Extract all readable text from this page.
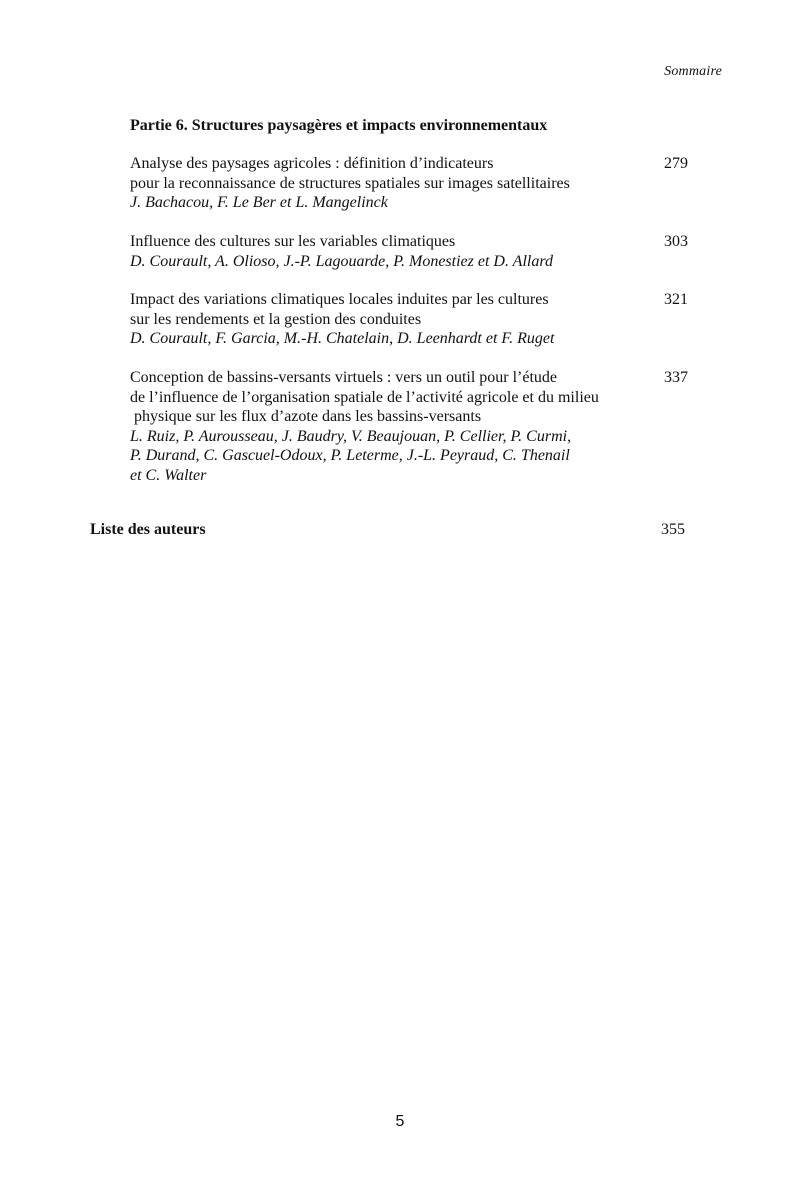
Sommaire
Partie 6. Structures paysagères et impacts environnementaux
Analyse des paysages agricoles : définition d’indicateurs
pour la reconnaissance de structures spatiales sur images satellitaires
J. Bachacou, F. Le Ber et L. Mangelinck
279
Influence des cultures sur les variables climatiques
D. Courault, A. Olioso, J.-P. Lagouarde, P. Monestiez et D. Allard
303
Impact des variations climatiques locales induites par les cultures
sur les rendements et la gestion des conduites
D. Courault, F. Garcia, M.-H. Chatelain, D. Leenhardt et F. Ruget
321
Conception de bassins-versants virtuels : vers un outil pour l’étude
de l’influence de l’organisation spatiale de l’activité agricole et du milieu
physique sur les flux d’azote dans les bassins-versants
L. Ruiz, P. Aurousseau, J. Baudry, V. Beaujouan, P. Cellier, P. Curmi,
P. Durand, C. Gascuel-Odoux, P. Leterme, J.-L. Peyraud, C. Thenail
et C. Walter
337
Liste des auteurs	355
5
